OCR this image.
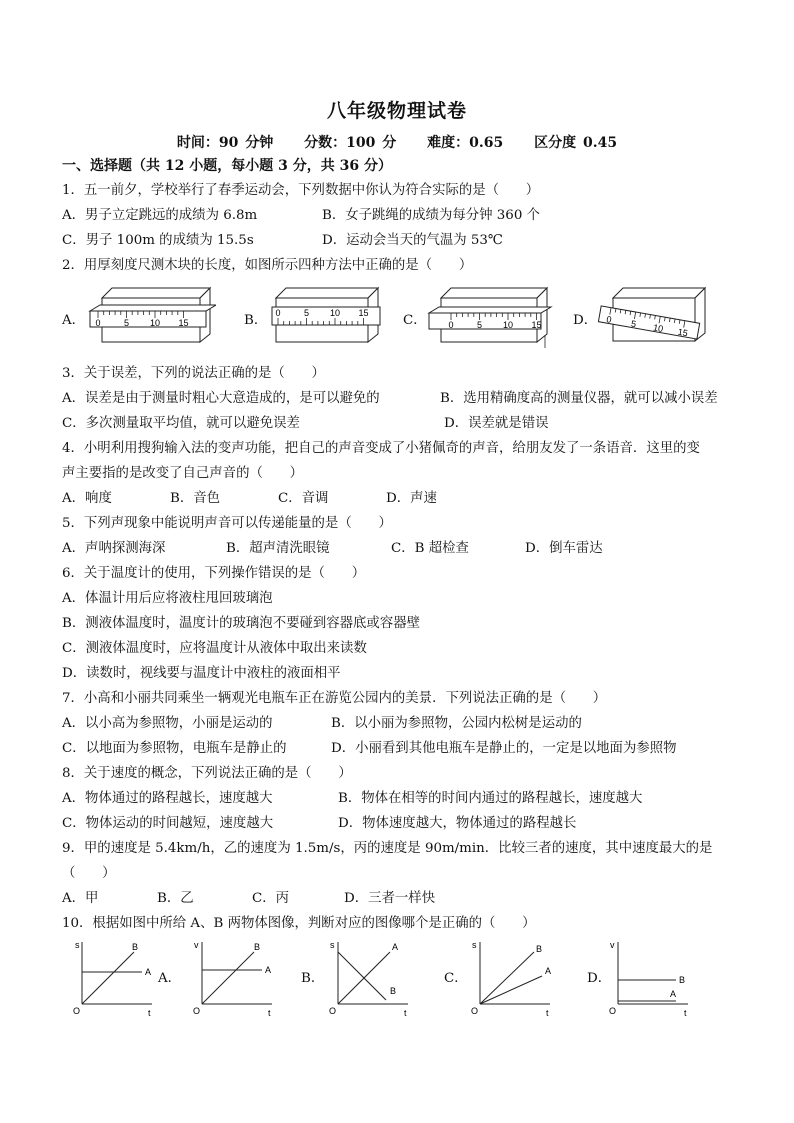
八年级物理试卷
时间：90 分钟 分数：100 分 难度：0.65 区分度 0.45
一、选择题（共 12 小题，每小题 3 分，共 36 分）
1．五一前夕，学校举行了春季运动会，下列数据中你认为符合实际的是（　　）
A．男子立定跳远的成绩为 6.8m	B．女子跳绳的成绩为每分钟 360 个
C．男子 100m 的成绩为 15.5s	D．运动会当天的气温为 53℃
2．用厚刻度尺测木块的长度，如图所示四种方法中正确的是（　　）
A． 0	5 10 15	B． 0	5 10 15	C． 0	5 10 15 D． 0 5 10 15
3．关于误差，下列的说法正确的是（　　）
A．误差是由于测量时粗心大意造成的，是可以避免的	B．选用精确度高的测量仪器，就可以减小误差
C．多次测量取平均值，就可以避免误差	D．误差就是错误
4．小明利用搜狗输入法的变声功能，把自己的声音变成了小猪佩奇的声音，给朋友发了一条语音．这里的变
声主要指的是改变了自己声音的（　　）
A．响度	B．音色	C．音调	D．声速
5．下列声现象中能说明声音可以传递能量的是（　　）
A．声呐探测海深	B．超声清洗眼镜	C．B 超检查	D．倒车雷达
6．关于温度计的使用，下列操作错误的是（　　）
A．体温计用后应将液柱甩回玻璃泡
B．测液体温度时，温度计的玻璃泡不要碰到容器底或容器壁
C．测液体温度时，应将温度计从液体中取出来读数
D．读数时，视线要与温度计中液柱的液面相平
7．小高和小丽共同乘坐一辆观光电瓶车正在游览公园内的美景．下列说法正确的是（　　）
A．以小高为参照物，小丽是运动的	B．以小丽为参照物，公园内松树是运动的
C．以地面为参照物，电瓶车是静止的	D．小丽看到其他电瓶车是静止的，一定是以地面为参照物
8．关于速度的概念，下列说法正确的是（　　）
A．物体通过的路程越长，速度越大	B．物体在相等的时间内通过的路程越长，速度越大
C．物体运动的时间越短，速度越大	D．物体速度越大，物体通过的路程越长
9．甲的速度是 5.4km/h，乙的速度为 1.5m/s，丙的速度是 90m/min．比较三者的速度，其中速度最大的是
（　　）
A．甲	B．乙	C．丙	D．三者一样快
10．根据如图中所给 A、B 两物体图像，判断对应的图像哪个是正确的（　　）
s
t
O
B
A A．
v
t
O
B
A
B．
s
t
O
A
B
C．
s
t
O
B
A	D．
v
t
O
B
A
